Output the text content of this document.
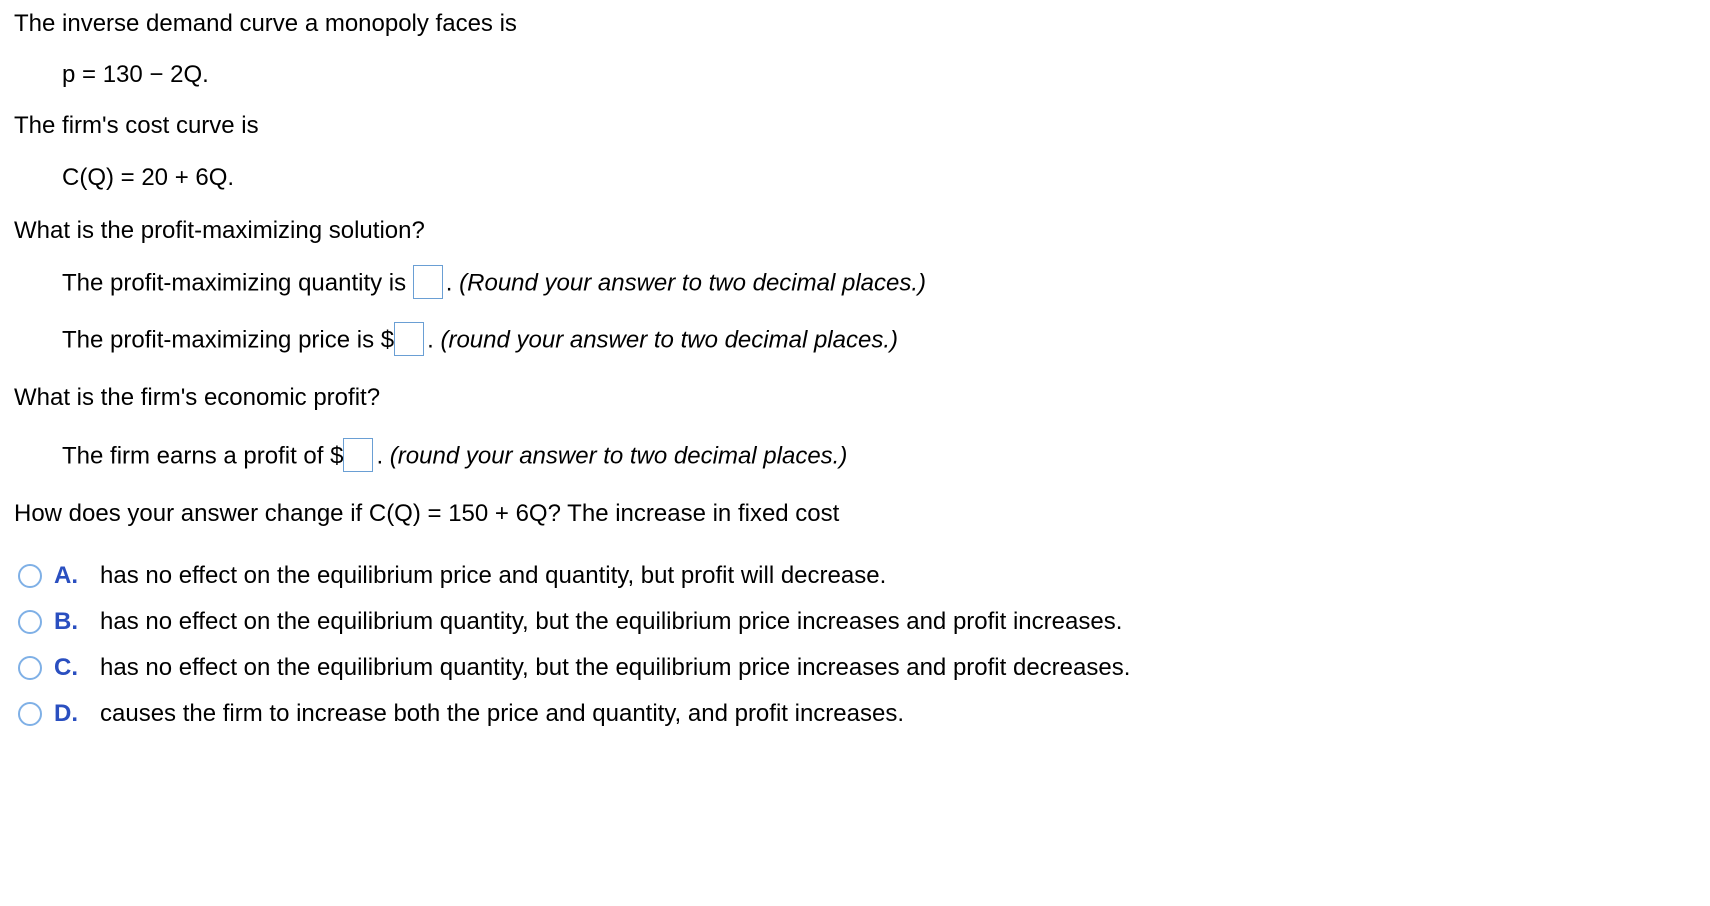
The inverse demand curve a monopoly faces is
p = 130 − 2Q.
The firm's cost curve is
C(Q) = 20 + 6Q.
What is the profit-maximizing solution?
The profit-maximizing quantity is . (Round your answer to two decimal places.)
The profit-maximizing price is $ . (round your answer to two decimal places.)
What is the firm's economic profit?
The firm earns a profit of $ . (round your answer to two decimal places.)
How does your answer change if C(Q) = 150 + 6Q? The increase in fixed cost
A. has no effect on the equilibrium price and quantity, but profit will decrease.
B. has no effect on the equilibrium quantity, but the equilibrium price increases and profit increases.
C. has no effect on the equilibrium quantity, but the equilibrium price increases and profit decreases.
D. causes the firm to increase both the price and quantity, and profit increases.
